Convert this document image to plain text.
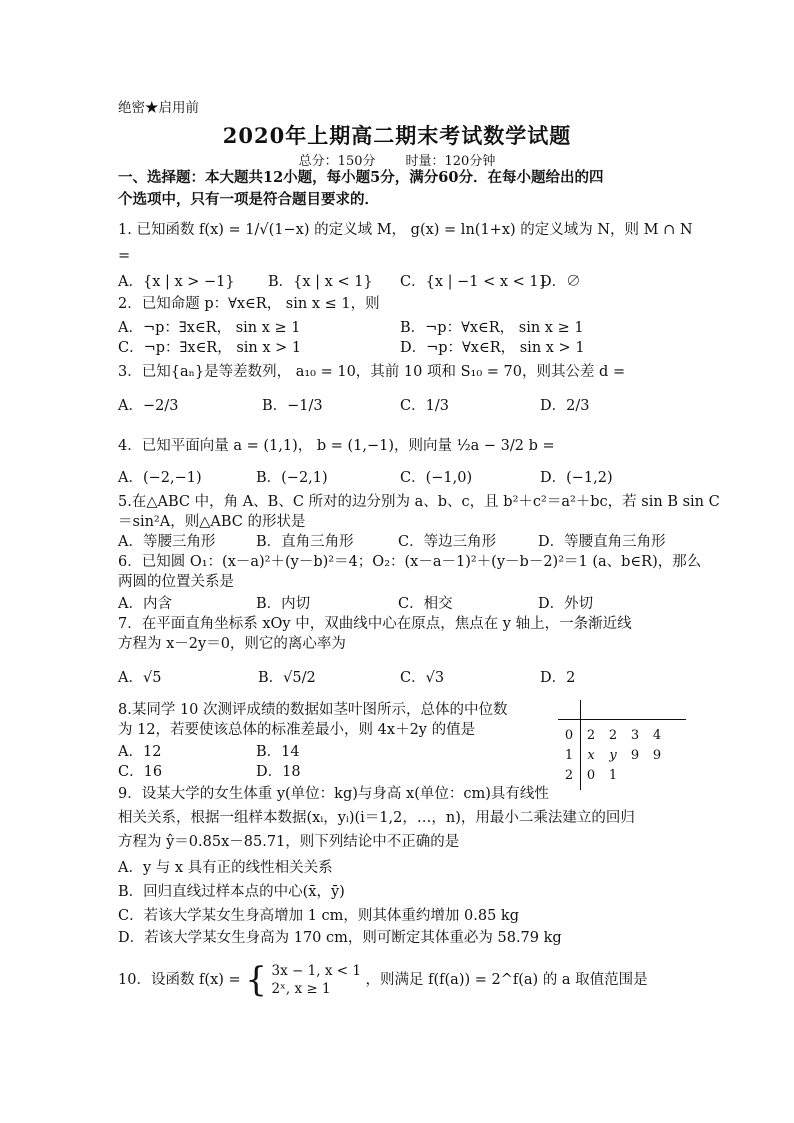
绝密★启用前
2020年上期高二期末考试数学试题
总分：150分 时量：120分钟
一、选择题：本大题共12小题，每小题5分，满分60分．在每小题给出的四
个选项中，只有一项是符合题目要求的．
1. 已知函数 f(x) = 1/√(1−x) 的定义域 M， g(x) = ln(1+x) 的定义域为 N，则 M ∩ N
=
A．{x | x > −1} B．{x | x < 1} C．{x | −1 < x < 1}
D．∅
2．已知命题 p：∀x∈R， sin x ≤ 1，则
A．¬p：∃x∈R， sin x ≥ 1	B．¬p：∀x∈R， sin x ≥ 1
C．¬p：∃x∈R， sin x > 1	D．¬p：∀x∈R， sin x > 1
3．已知{aₙ}是等差数列， a₁₀ = 10，其前 10 项和 S₁₀ = 70，则其公差 d =
A．−2/3	B．−1/3	C．1/3	D．2/3
4．已知平面向量 a = (1,1)， b = (1,−1)，则向量 ½a − 3/2 b =
A．(−2,−1)	B．(−2,1)	C．(−1,0)	D．(−1,2)
5.在△ABC 中，角 A、B、C 所对的边分别为 a、b、c，且 b²＋c²＝a²＋bc，若 sin B sin C
＝sin²A，则△ABC 的形状是
A．等腰三角形	B．直角三角形	C．等边三角形	D．等腰直角三角形
6．已知圆 O₁：(x－a)²＋(y－b)²＝4；O₂：(x－a－1)²＋(y－b－2)²＝1 (a、b∈R)，那么
两圆的位置关系是
A．内含	B．内切	C．相交	D．外切
7．在平面直角坐标系 xOy 中，双曲线中心在原点，焦点在 y 轴上，一条渐近线
方程为 x－2y＝0，则它的离心率为
A．√5	B．√5/2	C．√3	D．2
8.某同学 10 次测评成绩的数据如茎叶图所示，总体的中位数
为 12，若要使该总体的标准差最小，则 4x＋2y 的值是
A．12	B．14
C．16	D．18
0 2 2 3 4
1 x y 9 9
2 0 1
9．设某大学的女生体重 y(单位：kg)与身高 x(单位：cm)具有线性
相关关系，根据一组样本数据(xᵢ，yᵢ)(i＝1,2，…，n)，用最小二乘法建立的回归
方程为 ŷ＝0.85x－85.71，则下列结论中不正确的是
A．y 与 x 具有正的线性相关关系
B．回归直线过样本点的中心(x̄，ȳ)
C．若该大学某女生身高增加 1 cm，则其体重约增加 0.85 kg
D．若该大学某女生身高为 170 cm，则可断定其体重必为 58.79 kg
10．设函数 f(x) = { 3x − 1, x < 1
2ˣ, x ≥ 1
，则满足 f(f(a)) = 2^f(a) 的 a 取值范围是
